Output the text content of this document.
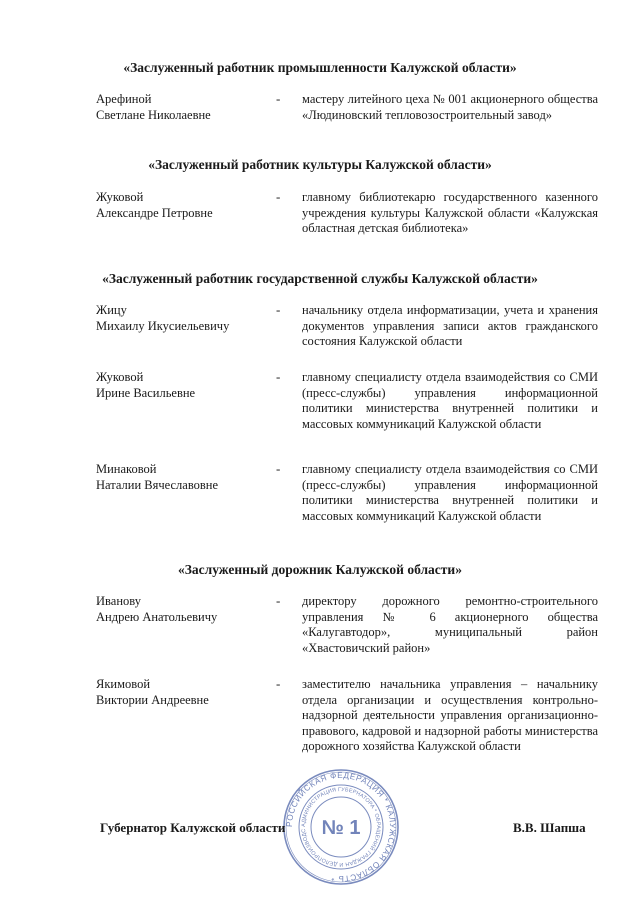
«Заслуженный работник промышленности Калужской области»
Арефиной
Светлане Николаевне
- мастеру литейного цеха № 001 акционерного общества «Людиновский тепловозостроительный завод»
«Заслуженный работник культуры Калужской области»
Жуковой
Александре Петровне
- главному библиотекарю государственного казенного учреждения культуры Калужской области «Калужская областная детская библиотека»
«Заслуженный работник государственной службы Калужской области»
Жицу
Михаилу Икусиельевичу
- начальнику отдела информатизации, учета и хранения документов управления записи актов гражданского состояния Калужской области
Жуковой
Ирине Васильевне
- главному специалисту отдела взаимодействия со СМИ (пресс-службы) управления информационной политики министерства внутренней политики и массовых коммуникаций Калужской области
Минаковой
Наталии Вячеславовне
- главному специалисту отдела взаимодействия со СМИ (пресс-службы) управления информационной политики министерства внутренней политики и массовых коммуникаций Калужской области
«Заслуженный дорожник Калужской области»
Иванову
Андрею Анатольевичу
- директору дорожного ремонтно-строительного управления № 6 акционерного общества «Калугавтодор», муниципальный район «Хвастовичский район»
Якимовой
Виктории Андреевне
- заместителю начальника управления – начальнику отдела организации и осуществления контрольно-надзорной деятельности управления организационно-правового, кадровой и надзорной работы министерства дорожного хозяйства Калужской области
РОССИЙСКАЯ ФЕДЕРАЦИЯ * КАЛУЖСКАЯ ОБЛАСТЬ *
АДМИНИСТРАЦИЯ ГУБЕРНАТОРА * ОБРАЩЕНИЙ ГРАЖДАН И ДЕЛОПРОИЗВОДС № 1
Губернатор Калужской области	В.В. Шапша
